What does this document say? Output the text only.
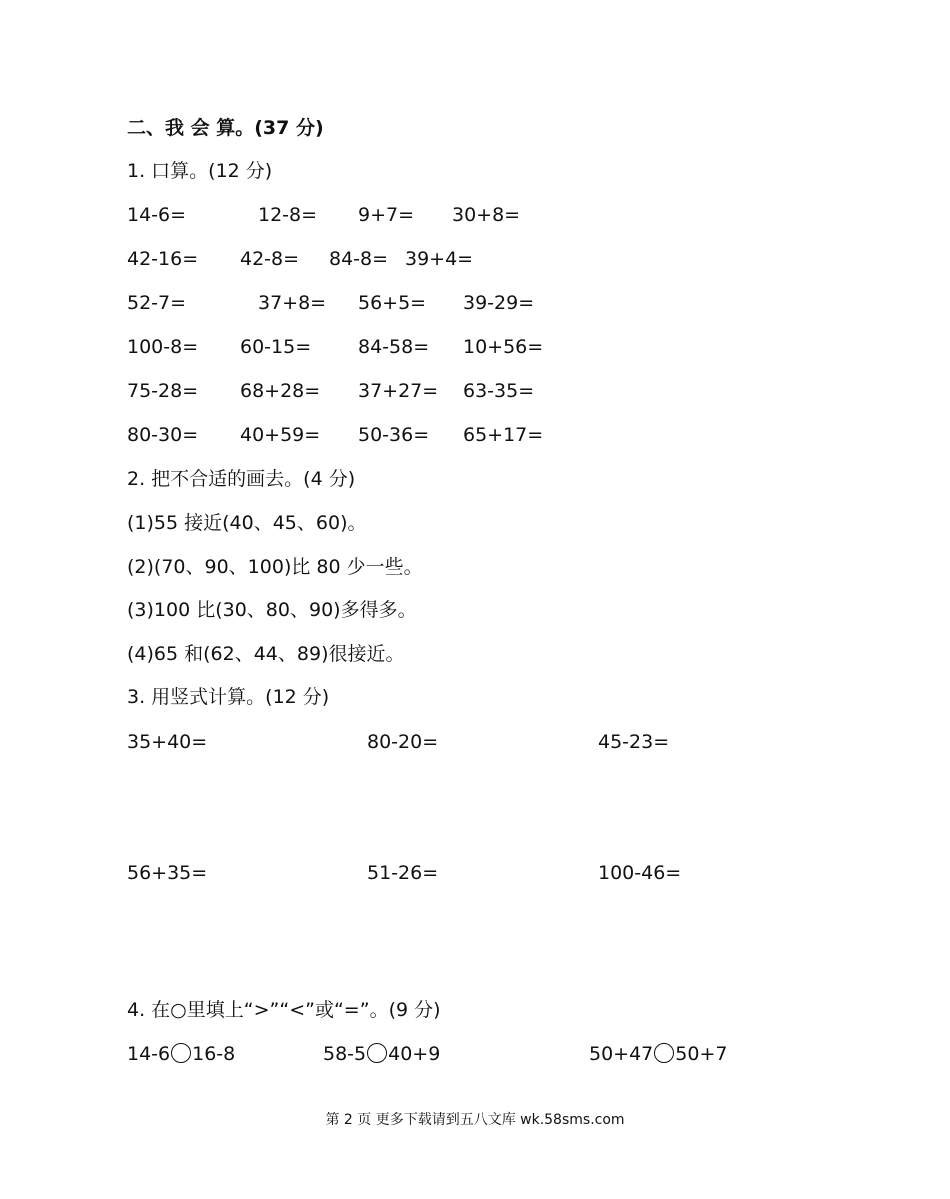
二、我 会 算。(37 分)
1. 口算。(12 分)
14-6=	12-8= 9+7= 30+8=
42-16= 42-8= 84-8= 39+4=
52-7=	37+8= 56+5= 39-29=
100-8= 60-15= 84-58= 10+56=
75-28= 68+28= 37+27= 63-35=
80-30= 40+59= 50-36= 65+17=
2. 把不合适的画去。(4 分)
(1)55 接近(40、45、60)。
(2)(70、90、100)比 80 少一些。
(3)100 比(30、80、90)多得多。
(4)65 和(62、44、89)很接近。
3. 用竖式计算。(12 分)
35+40=	80-20=	45-23=
56+35=	51-26=	100-46=
4. 在○里填上“>”“<”或“=”。(9 分)
14-6 16-8	58-5 40+9	50+47 50+7
第 2 页 更多下载请到五八文库 wk.58sms.com
